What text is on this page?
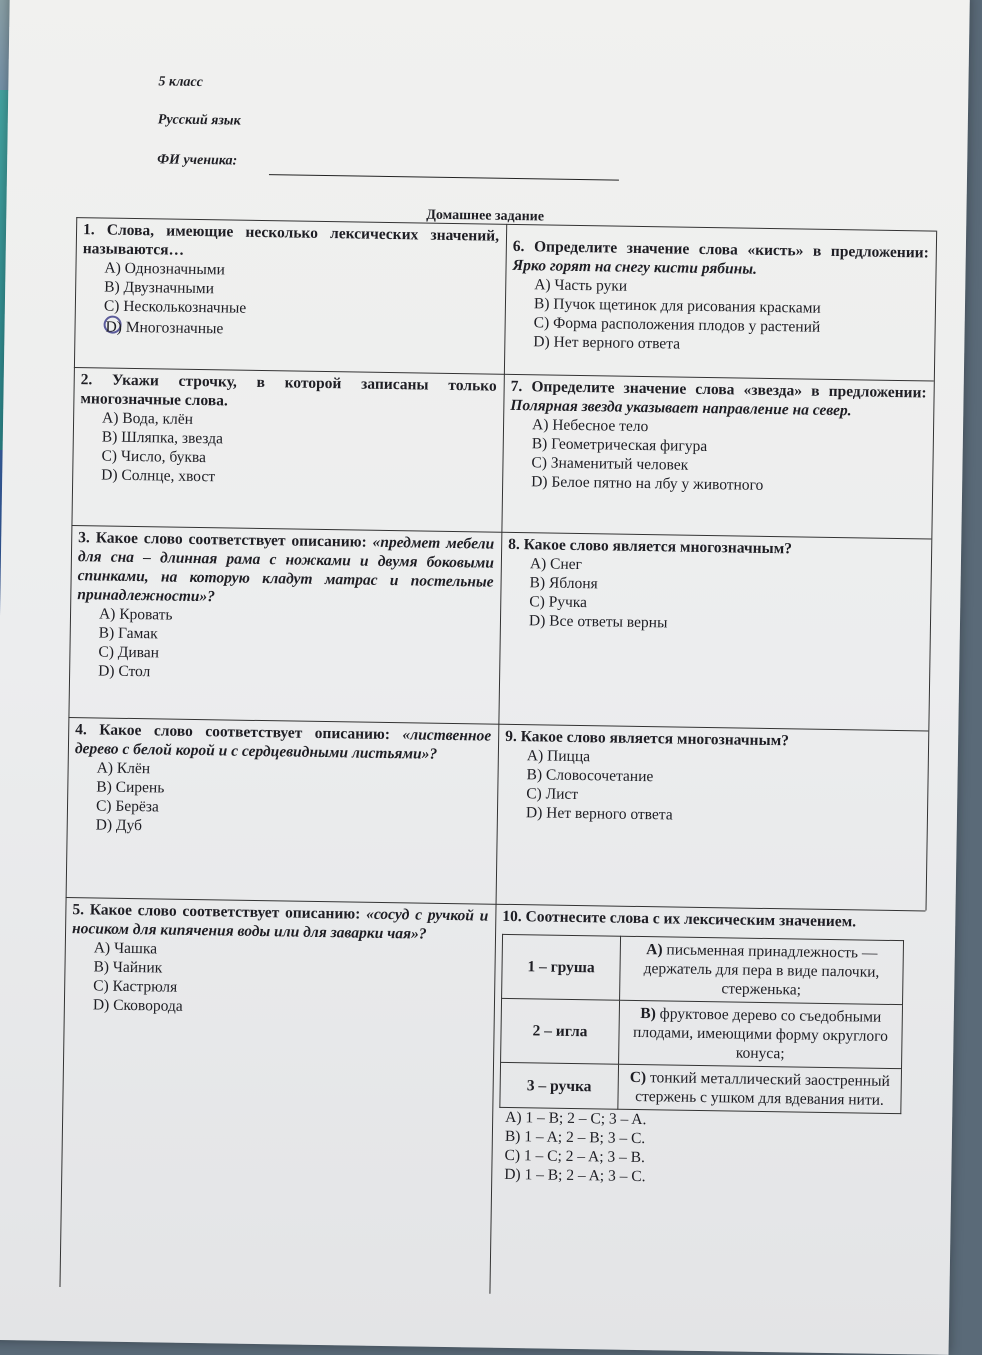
5 класс
Русский язык
ФИ ученика:
Домашнее задание
1. Слова, имеющие несколько лексических значений, называются…
A) Однозначными
B) Двузначными
C) Несколькозначные
D) Многозначные
6. Определите значение слова «кисть» в предложении: Ярко горят на снегу кисти рябины.
A) Часть руки
B) Пучок щетинок для рисования красками
C) Форма расположения плодов у растений
D) Нет верного ответа
2. Укажи строчку, в которой записаны только многозначные слова.
A) Вода, клён
B) Шляпка, звезда
C) Число, буква
D) Солнце, хвост
7. Определите значение слова «звезда» в предложении: Полярная звезда указывает направление на север.
A) Небесное тело
B) Геометрическая фигура
C) Знаменитый человек
D) Белое пятно на лбу у животного
3. Какое слово соответствует описанию: «предмет мебели для сна – длинная рама с ножками и двумя боковыми спинками, на которую кладут матрас и постельные принадлежности»?
A) Кровать
B) Гамак
C) Диван
D) Стол
8. Какое слово является многозначным?
A) Снег
B) Яблоня
C) Ручка
D) Все ответы верны
4. Какое слово соответствует описанию: «лиственное дерево с белой корой и с сердцевидными листьями»?
A) Клён
B) Сирень
C) Берёза
D) Дуб
9. Какое слово является многозначным?
A) Пицца
B) Словосочетание
C) Лист
D) Нет верного ответа
5. Какое слово соответствует описанию: «сосуд с ручкой и носиком для кипячения воды или для заварки чая»?
A) Чашка
B) Чайник
C) Кастрюля
D) Сковорода
10. Соотнесите слова с их лексическим значением.
1 – груша	A) письменная принадлежность — держатель для пера в виде палочки, стерженька;
2 – игла	B) фруктовое дерево со съедобными плодами, имеющими форму округлого конуса;
3 – ручка	C) тонкий металлический заостренный стержень с ушком для вдевания нити.
A) 1 – B; 2 – C; 3 – A.
B) 1 – A; 2 – B; 3 – C.
C) 1 – C; 2 – A; 3 – B.
D) 1 – B; 2 – A; 3 – C.
